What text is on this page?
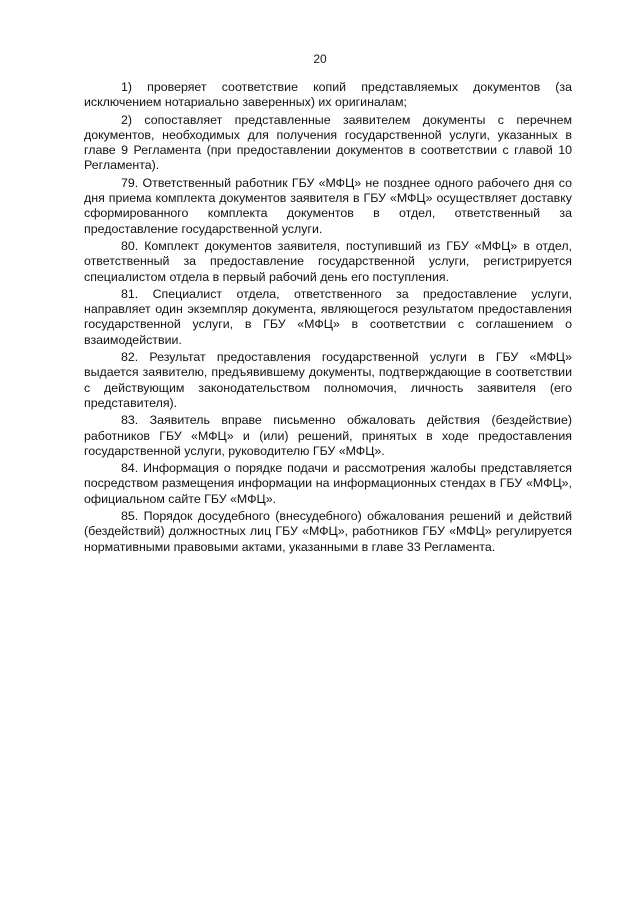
20

1) проверяет соответствие копий представляемых документов (за исключением нотариально заверенных) их оригиналам;

2) сопоставляет представленные заявителем документы с перечнем документов, необходимых для получения государственной услуги, указанных в главе 9 Регламента (при предоставлении документов в соответствии с главой 10 Регламента).

79. Ответственный работник ГБУ «МФЦ» не позднее одного рабочего дня со дня приема комплекта документов заявителя в ГБУ «МФЦ» осуществляет доставку сформированного комплекта документов в отдел, ответственный за предоставление государственной услуги.

80. Комплект документов заявителя, поступивший из ГБУ «МФЦ» в отдел, ответственный за предоставление государственной услуги, регистрируется специалистом отдела в первый рабочий день его поступления.

81. Специалист отдела, ответственного за предоставление услуги, направляет один экземпляр документа, являющегося результатом предоставления государственной услуги, в ГБУ «МФЦ» в соответствии с соглашением о взаимодействии.

82. Результат предоставления государственной услуги в ГБУ «МФЦ» выдается заявителю, предъявившему документы, подтверждающие в соответствии с действующим законодательством полномочия, личность заявителя (его представителя).

83. Заявитель вправе письменно обжаловать действия (бездействие) работников ГБУ «МФЦ» и (или) решений, принятых в ходе предоставления государственной услуги, руководителю ГБУ «МФЦ».

84. Информация о порядке подачи и рассмотрения жалобы представляется посредством размещения информации на информационных стендах в ГБУ «МФЦ», официальном сайте ГБУ «МФЦ».

85. Порядок досудебного (внесудебного) обжалования решений и действий (бездействий) должностных лиц ГБУ «МФЦ», работников ГБУ «МФЦ» регулируется нормативными правовыми актами, указанными в главе 33 Регламента.
